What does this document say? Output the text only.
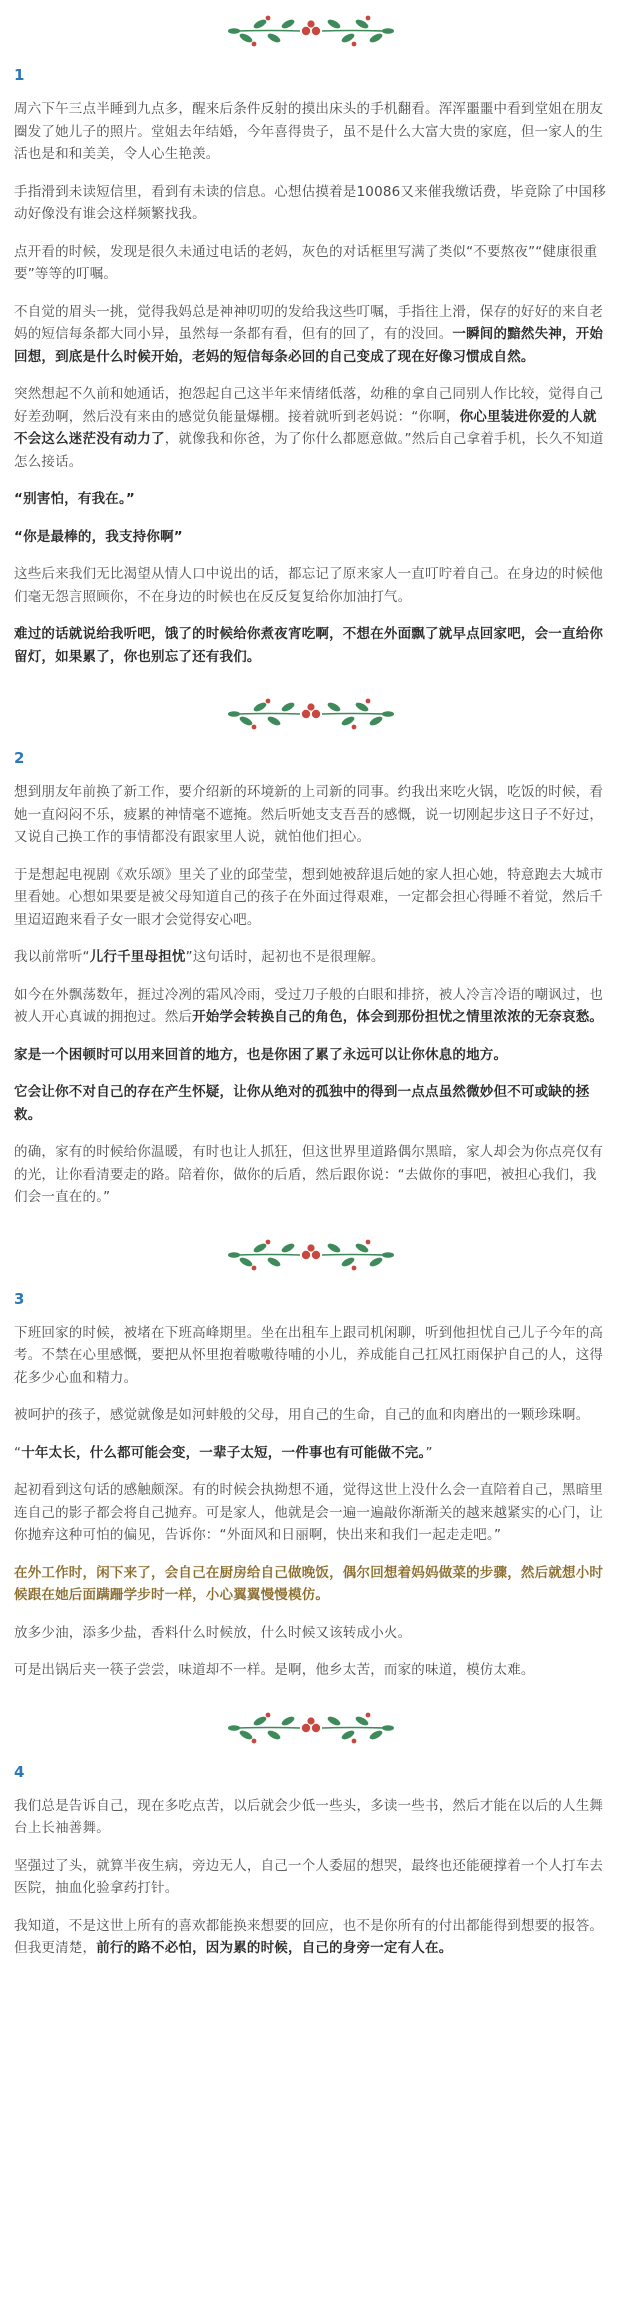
1

周六下午三点半睡到九点多，醒来后条件反射的摸出床头的手机翻看。浑浑噩噩中看到堂姐在朋友圈发了她儿子的照片。堂姐去年结婚，今年喜得贵子，虽不是什么大富大贵的家庭，但一家人的生活也是和和美美，令人心生艳羡。

手指滑到未读短信里，看到有未读的信息。心想估摸着是10086又来催我缴话费，毕竟除了中国移动好像没有谁会这样频繁找我。

点开看的时候，发现是很久未通过电话的老妈，灰色的对话框里写满了类似“不要熬夜”“健康很重要”等等的叮嘱。

不自觉的眉头一挑，觉得我妈总是神神叨叨的发给我这些叮嘱，手指往上滑，保存的好好的来自老妈的短信每条都大同小异，虽然每一条都有看，但有的回了，有的没回。一瞬间的黯然失神，开始回想，到底是什么时候开始，老妈的短信每条必回的自己变成了现在好像习惯成自然。

突然想起不久前和她通话，抱怨起自己这半年来情绪低落，幼稚的拿自己同别人作比较，觉得自己好差劲啊，然后没有来由的感觉负能量爆棚。接着就听到老妈说：“你啊，你心里装进你爱的人就不会这么迷茫没有动力了，就像我和你爸，为了你什么都愿意做。”然后自己拿着手机，长久不知道怎么接话。

“别害怕，有我在。”

“你是最棒的，我支持你啊”

这些后来我们无比渴望从情人口中说出的话，都忘记了原来家人一直叮咛着自己。在身边的时候他们毫无怨言照顾你，不在身边的时候也在反反复复给你加油打气。

难过的话就说给我听吧，饿了的时候给你煮夜宵吃啊，不想在外面飘了就早点回家吧，会一直给你留灯，如果累了，你也别忘了还有我们。

2

想到朋友年前换了新工作，要介绍新的环境新的上司新的同事。约我出来吃火锅，吃饭的时候，看她一直闷闷不乐，疲累的神情毫不遮掩。然后听她支支吾吾的感慨，说一切刚起步这日子不好过，又说自己换工作的事情都没有跟家里人说，就怕他们担心。

于是想起电视剧《欢乐颂》里关了业的邱莹莹，想到她被辞退后她的家人担心她，特意跑去大城市里看她。心想如果要是被父母知道自己的孩子在外面过得艰难，一定都会担心得睡不着觉，然后千里迢迢跑来看子女一眼才会觉得安心吧。

我以前常听“儿行千里母担忧”这句话时，起初也不是很理解。

如今在外飘荡数年，捱过冷冽的霜风冷雨，受过刀子般的白眼和排挤，被人冷言冷语的嘲讽过，也被人开心真诚的拥抱过。然后开始学会转换自己的角色，体会到那份担忧之情里浓浓的无奈哀愁。

家是一个困顿时可以用来回首的地方，也是你困了累了永远可以让你休息的地方。

它会让你不对自己的存在产生怀疑，让你从绝对的孤独中的得到一点点虽然微妙但不可或缺的拯救。

的确，家有的时候给你温暖，有时也让人抓狂，但这世界里道路偶尔黑暗，家人却会为你点亮仅有的光，让你看清要走的路。陪着你，做你的后盾，然后跟你说：“去做你的事吧，被担心我们，我们会一直在的。”

3

下班回家的时候，被堵在下班高峰期里。坐在出租车上跟司机闲聊，听到他担忧自己儿子今年的高考。不禁在心里感慨，要把从怀里抱着嗷嗷待哺的小儿，养成能自己扛风扛雨保护自己的人，这得花多少心血和精力。

被呵护的孩子，感觉就像是如河蚌般的父母，用自己的生命，自己的血和肉磨出的一颗珍珠啊。

“十年太长，什么都可能会变，一辈子太短，一件事也有可能做不完。”

起初看到这句话的感触颇深。有的时候会执拗想不通，觉得这世上没什么会一直陪着自己，黑暗里连自己的影子都会将自己抛弃。可是家人，他就是会一遍一遍敲你渐渐关的越来越紧实的心门，让你抛弃这种可怕的偏见，告诉你：“外面风和日丽啊，快出来和我们一起走走吧。”

在外工作时，闲下来了，会自己在厨房给自己做晚饭，偶尔回想着妈妈做菜的步骤，然后就想小时候跟在她后面蹒跚学步时一样，小心翼翼慢慢模仿。

放多少油，添多少盐，香料什么时候放，什么时候又该转成小火。

可是出锅后夹一筷子尝尝，味道却不一样。是啊，他乡太苦，而家的味道，模仿太难。

4

我们总是告诉自己，现在多吃点苦，以后就会少低一些头，多读一些书，然后才能在以后的人生舞台上长袖善舞。

坚强过了头，就算半夜生病，旁边无人，自己一个人委屈的想哭，最终也还能硬撑着一个人打车去医院，抽血化验拿药打针。

我知道，不是这世上所有的喜欢都能换来想要的回应，也不是你所有的付出都能得到想要的报答。但我更清楚，前行的路不必怕，因为累的时候，自己的身旁一定有人在。
